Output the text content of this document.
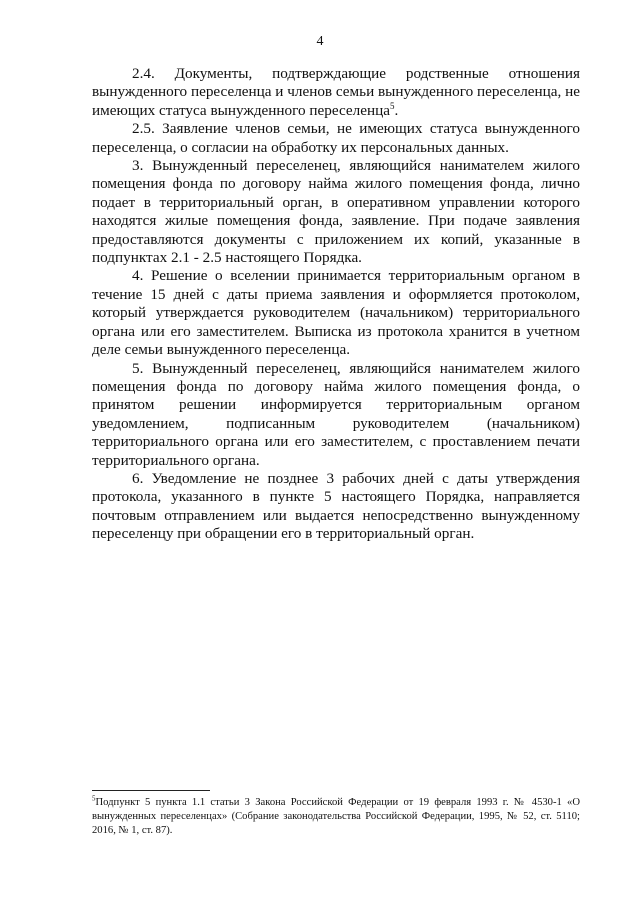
4

2.4. Документы, подтверждающие родственные отношения вынужденного переселенца и членов семьи вынужденного переселенца, не имеющих статуса вынужденного переселенца$^5$.

2.5. Заявление членов семьи, не имеющих статуса вынужденного переселенца, о согласии на обработку их персональных данных.

3. Вынужденный переселенец, являющийся нанимателем жилого помещения фонда по договору найма жилого помещения фонда, лично подает в территориальный орган, в оперативном управлении которого находятся жилые помещения фонда, заявление. При подаче заявления предоставляются документы с приложением их копий, указанные в подпунктах 2.1 - 2.5 настоящего Порядка.

4. Решение о вселении принимается территориальным органом в течение 15 дней с даты приема заявления и оформляется протоколом, который утверждается руководителем (начальником) территориального органа или его заместителем. Выписка из протокола хранится в учетном деле семьи вынужденного переселенца.

5. Вынужденный переселенец, являющийся нанимателем жилого помещения фонда по договору найма жилого помещения фонда, о принятом решении информируется территориальным органом уведомлением, подписанным руководителем (начальником) территориального органа или его заместителем, с проставлением печати территориального органа.

6. Уведомление не позднее 3 рабочих дней с даты утверждения протокола, указанного в пункте 5 настоящего Порядка, направляется почтовым отправлением или выдается непосредственно вынужденному переселенцу при обращении его в территориальный орган.

$^5$Подпункт 5 пункта 1.1 статьи 3 Закона Российской Федерации от 19 февраля 1993 г. № 4530-1 «О вынужденных переселенцах» (Собрание законодательства Российской Федерации, 1995, № 52, ст. 5110; 2016, № 1, ст. 87).
